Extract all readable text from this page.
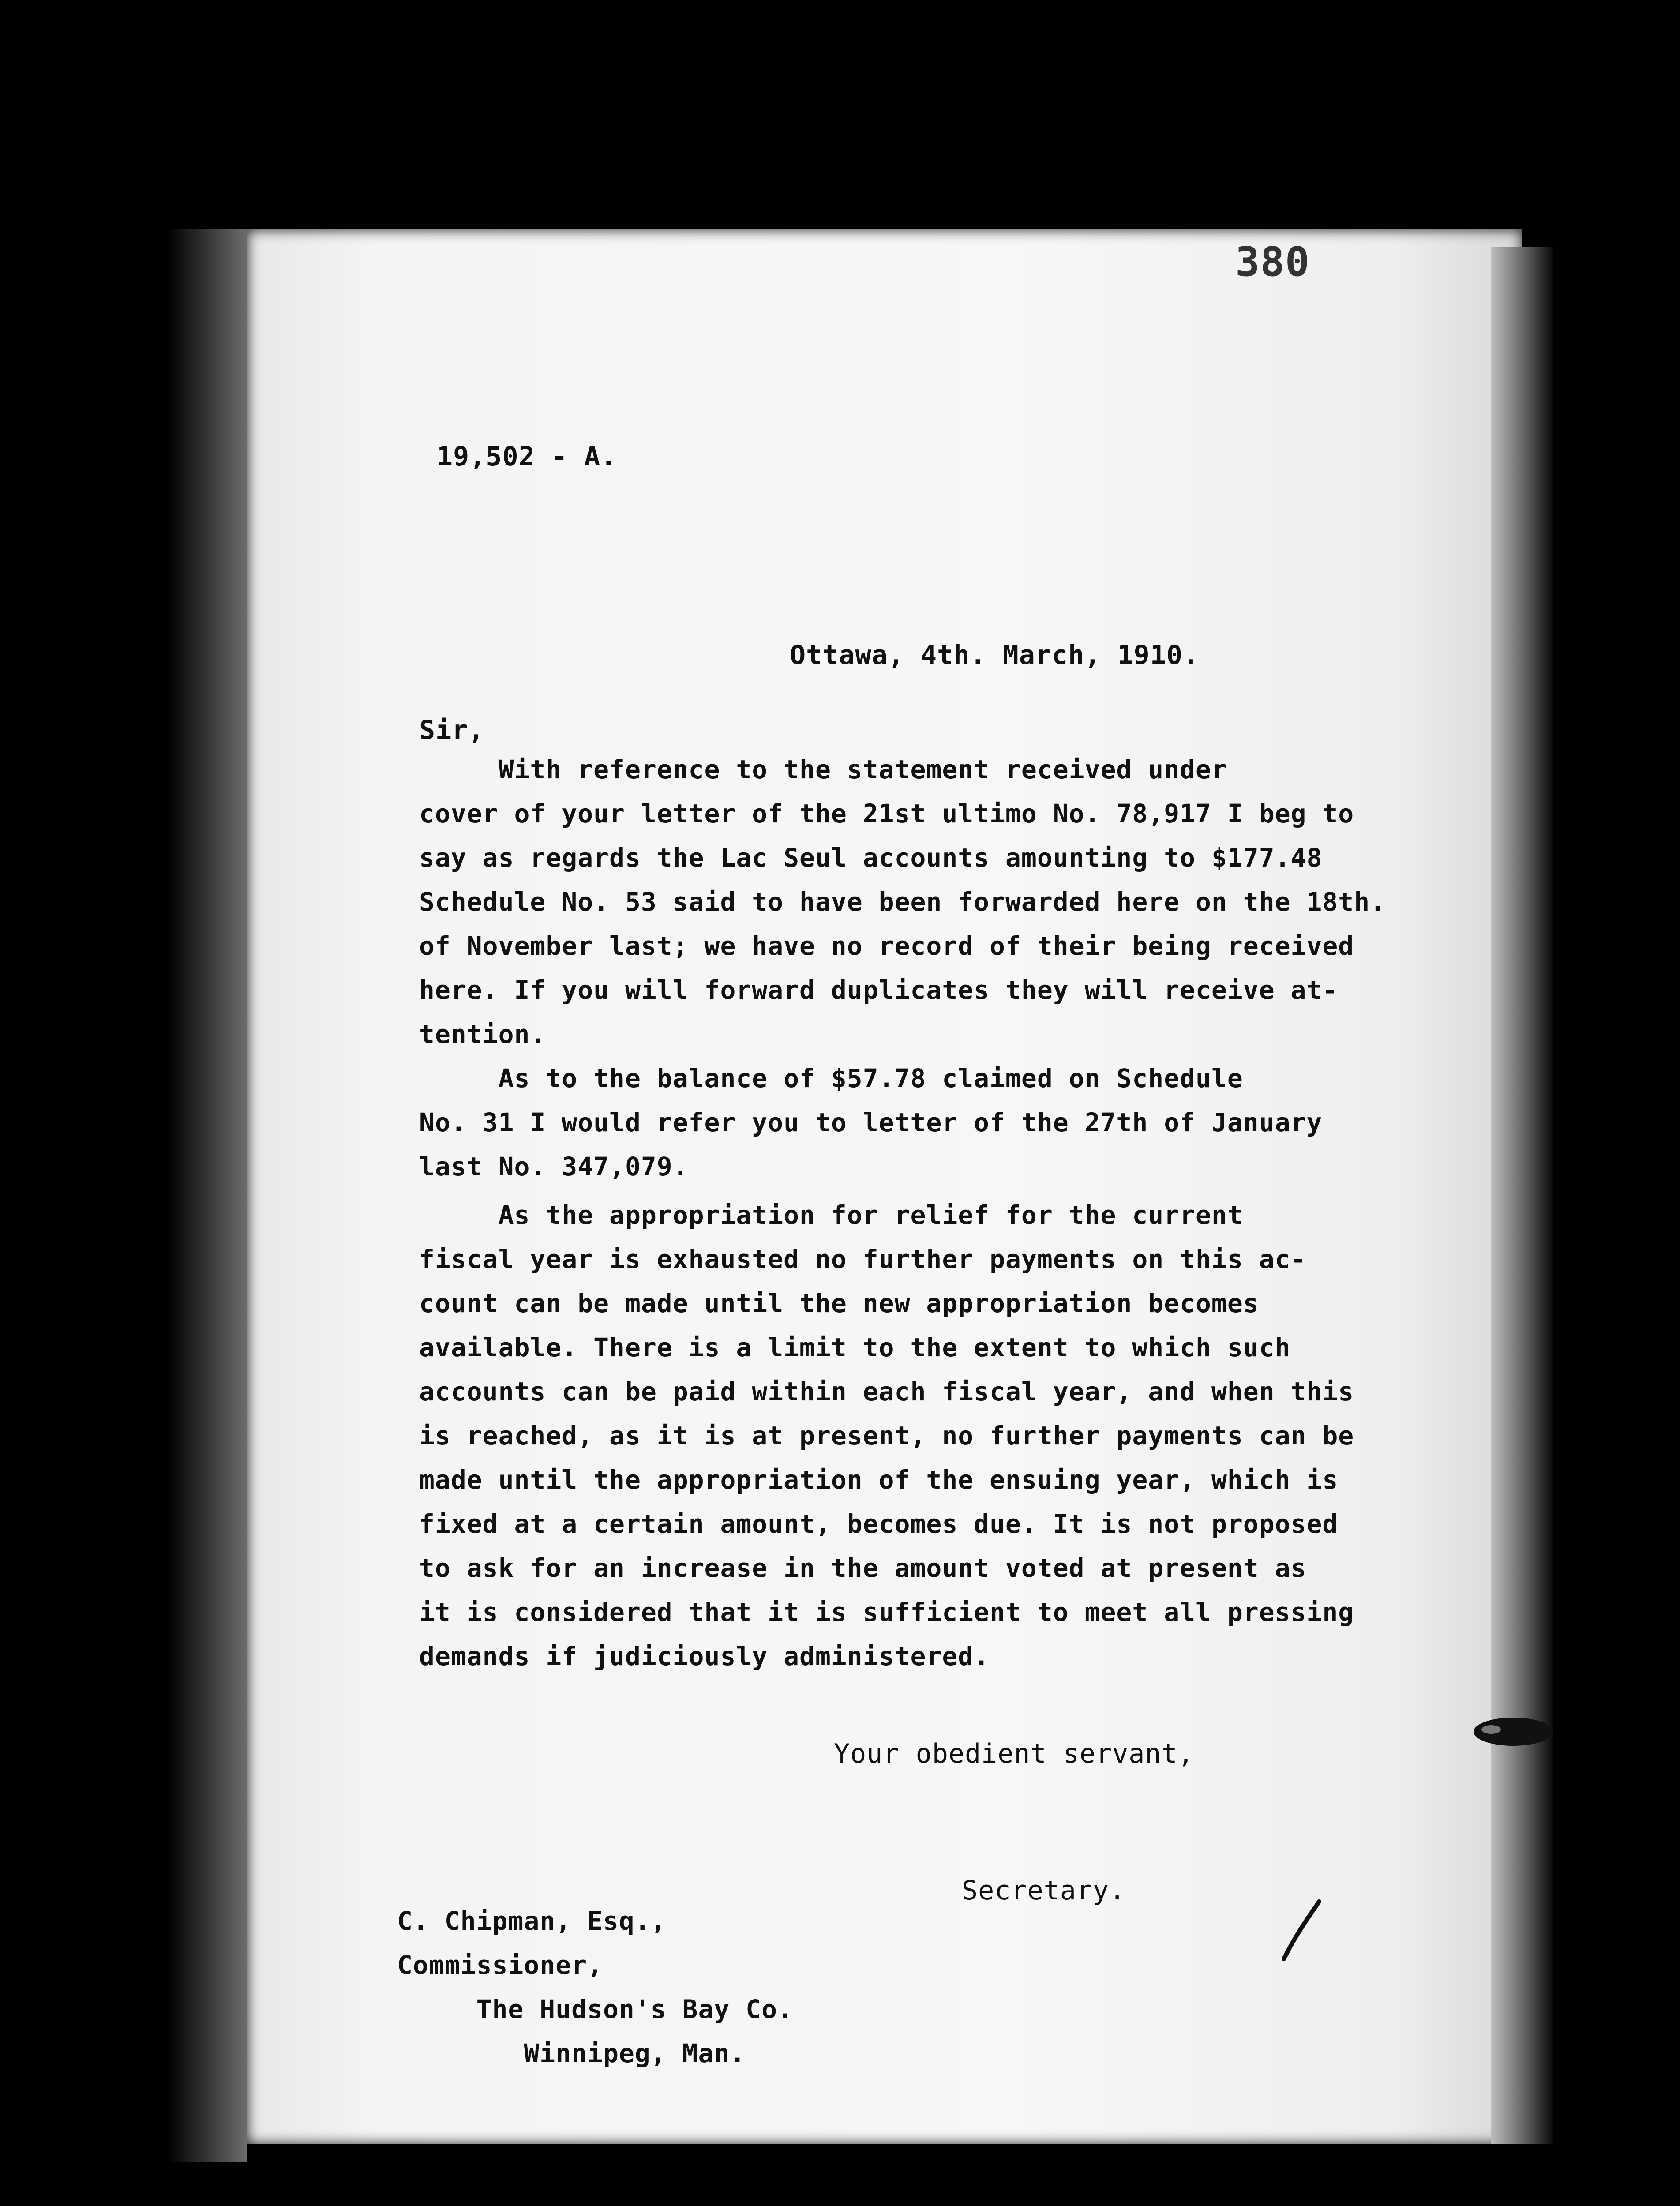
380
19,502 - A.
Ottawa, 4th. March, 1910.
Sir,
With reference to the statement received under
cover of your letter of the 21st ultimo No. 78,917 I beg to
say as regards the Lac Seul accounts amounting to $177.48
Schedule No. 53 said to have been forwarded here on the 18th.
of November last; we have no record of their being received
here. If you will forward duplicates they will receive at-
tention.
As to the balance of $57.78 claimed on Schedule
No. 31 I would refer you to letter of the 27th of January
last No. 347,079.
As the appropriation for relief for the current
fiscal year is exhausted no further payments on this ac-
count can be made until the new appropriation becomes
available. There is a limit to the extent to which such
accounts can be paid within each fiscal year, and when this
is reached, as it is at present, no further payments can be
made until the appropriation of the ensuing year, which is
fixed at a certain amount, becomes due. It is not proposed
to ask for an increase in the amount voted at present as
it is considered that it is sufficient to meet all pressing
demands if judiciously administered.
Your obedient servant,
Secretary.
C. Chipman, Esq.,
Commissioner,
The Hudson's Bay Co.
Winnipeg, Man.
